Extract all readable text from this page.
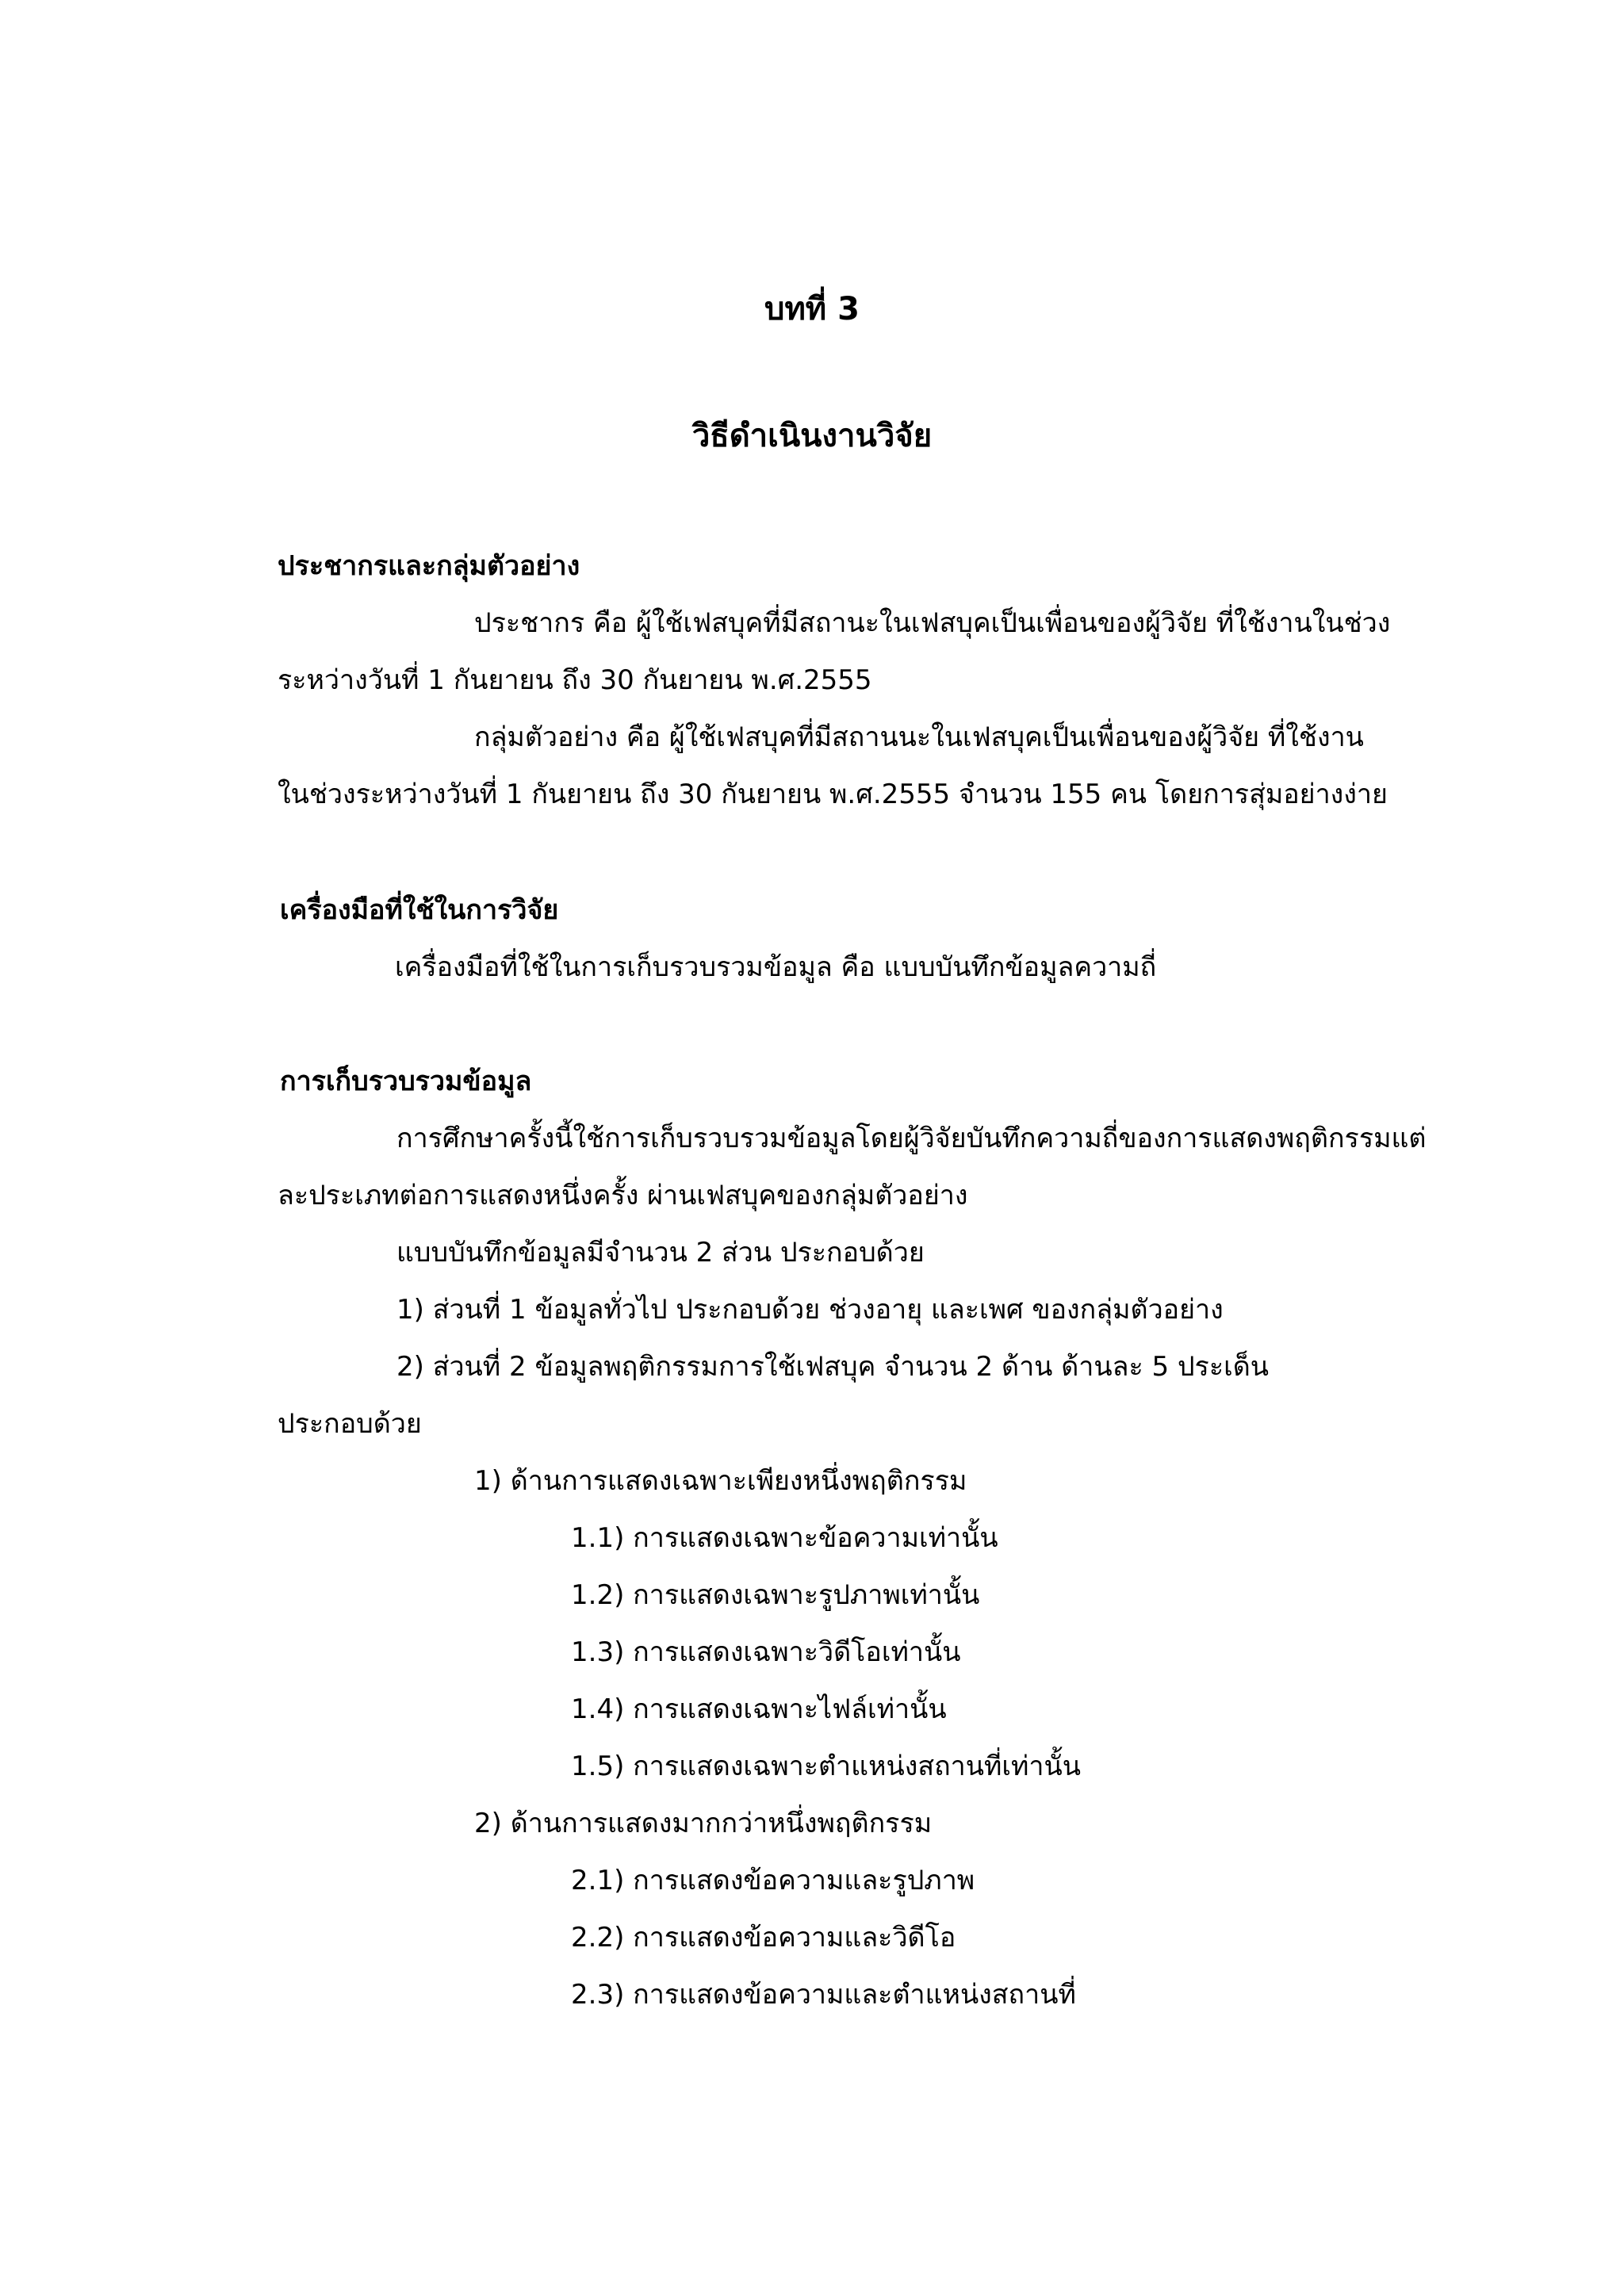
บทที่ 3
วิธีดำเนินงานวิจัย
ประชากรและกลุ่มตัวอย่าง
ประชากร คือ ผู้ใช้เฟสบุคที่มีสถานะในเฟสบุคเป็นเพื่อนของผู้วิจัย ที่ใช้งานในช่วง
ระหว่างวันที่ 1 กันยายน ถึง 30 กันยายน พ.ศ.2555
กลุ่มตัวอย่าง คือ ผู้ใช้เฟสบุคที่มีสถานนะในเฟสบุคเป็นเพื่อนของผู้วิจัย ที่ใช้งาน
ในช่วงระหว่างวันที่ 1 กันยายน ถึง 30 กันยายน พ.ศ.2555 จำนวน 155 คน โดยการสุ่มอย่างง่าย
เครื่องมือที่ใช้ในการวิจัย
เครื่องมือที่ใช้ในการเก็บรวบรวมข้อมูล คือ แบบบันทึกข้อมูลความถี่
การเก็บรวบรวมข้อมูล
การศึกษาครั้งนี้ใช้การเก็บรวบรวมข้อมูลโดยผู้วิจัยบันทึกความถี่ของการแสดงพฤติกรรมแต่
ละประเภทต่อการแสดงหนึ่งครั้ง ผ่านเฟสบุคของกลุ่มตัวอย่าง
แบบบันทึกข้อมูลมีจำนวน 2 ส่วน ประกอบด้วย
1) ส่วนที่ 1 ข้อมูลทั่วไป ประกอบด้วย ช่วงอายุ และเพศ ของกลุ่มตัวอย่าง
2) ส่วนที่ 2 ข้อมูลพฤติกรรมการใช้เฟสบุค จำนวน 2 ด้าน ด้านละ 5 ประเด็น
ประกอบด้วย
1) ด้านการแสดงเฉพาะเพียงหนึ่งพฤติกรรม
1.1) การแสดงเฉพาะข้อความเท่านั้น
1.2) การแสดงเฉพาะรูปภาพเท่านั้น
1.3) การแสดงเฉพาะวิดีโอเท่านั้น
1.4) การแสดงเฉพาะไฟล์เท่านั้น
1.5) การแสดงเฉพาะตำแหน่งสถานที่เท่านั้น
2) ด้านการแสดงมากกว่าหนึ่งพฤติกรรม
2.1) การแสดงข้อความและรูปภาพ
2.2) การแสดงข้อความและวิดีโอ
2.3) การแสดงข้อความและตำแหน่งสถานที่
